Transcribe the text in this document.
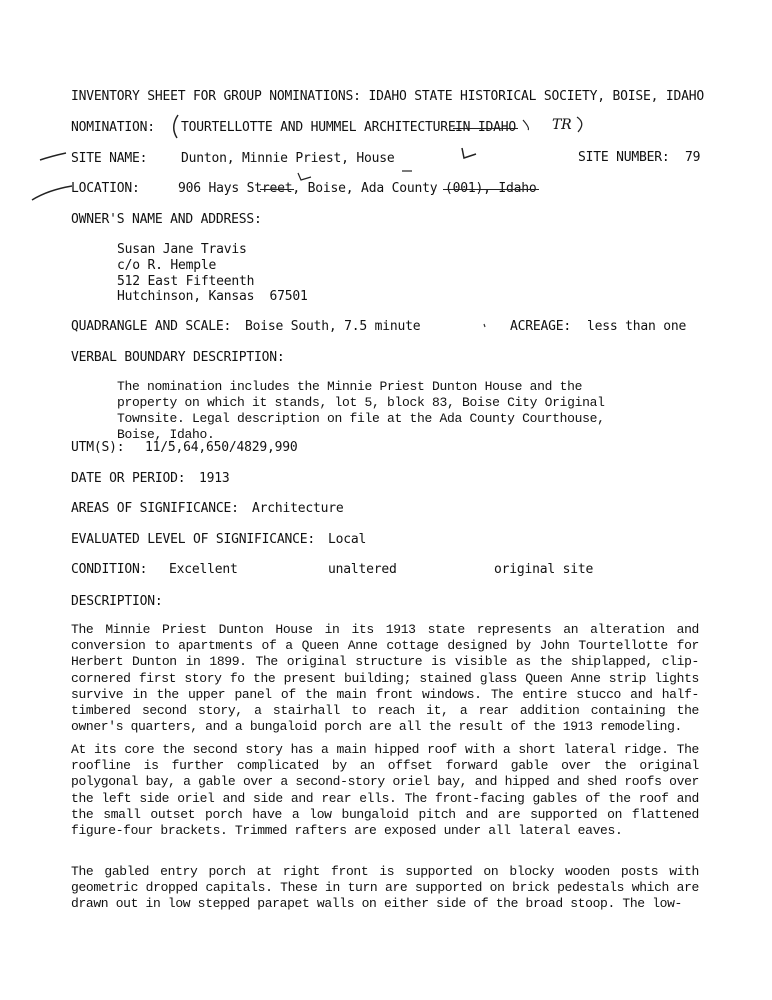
INVENTORY SHEET FOR GROUP NOMINATIONS: IDAHO STATE HISTORICAL SOCIETY, BOISE, IDAHO
NOMINATION: TOURTELLOTTE AND HUMMEL ARCHITECTURE IN IDAHO	TR
SITE NAME:	Dunton, Minnie Priest, House	SITE NUMBER: 79
LOCATION:	906 Hays Street, Boise, Ada County (001), Idaho
OWNER'S NAME AND ADDRESS:
Susan Jane Travis
c/o R. Hemple
512 East Fifteenth
Hutchinson, Kansas  67501
QUADRANGLE AND SCALE: Boise South, 7.5 minute	ACREAGE: less than one
VERBAL BOUNDARY DESCRIPTION:
The nomination includes the Minnie Priest Dunton House and the property on which it stands, lot 5, block 83, Boise City Original Townsite. Legal description on file at the Ada County Courthouse, Boise, Idaho.
UTM(S): 11/5,64,650/4829,990
DATE OR PERIOD: 1913
AREAS OF SIGNIFICANCE: Architecture
EVALUATED LEVEL OF SIGNIFICANCE: Local
CONDITION: Excellent	unaltered	original site
DESCRIPTION:
The Minnie Priest Dunton House in its 1913 state represents an alteration and conversion to apartments of a Queen Anne cottage designed by John Tourtellotte for Herbert Dunton in 1899. The original structure is visible as the shiplapped, clip-cornered first story fo the present building; stained glass Queen Anne strip lights survive in the upper panel of the main front windows. The entire stucco and half-timbered second story, a stairhall to reach it, a rear addition containing the owner's quarters, and a bungaloid porch are all the result of the 1913 remodeling.
At its core the second story has a main hipped roof with a short lateral ridge. The roofline is further complicated by an offset forward gable over the original polygonal bay, a gable over a second-story oriel bay, and hipped and shed roofs over the left side oriel and side and rear ells. The front-facing gables of the roof and the small outset porch have a low bungaloid pitch and are supported on flattened figure-four brackets. Trimmed rafters are exposed under all lateral eaves.
The gabled entry porch at right front is supported on blocky wooden posts with geometric dropped capitals. These in turn are supported on brick pedestals which are drawn out in low stepped parapet walls on either side of the broad stoop. The low-
